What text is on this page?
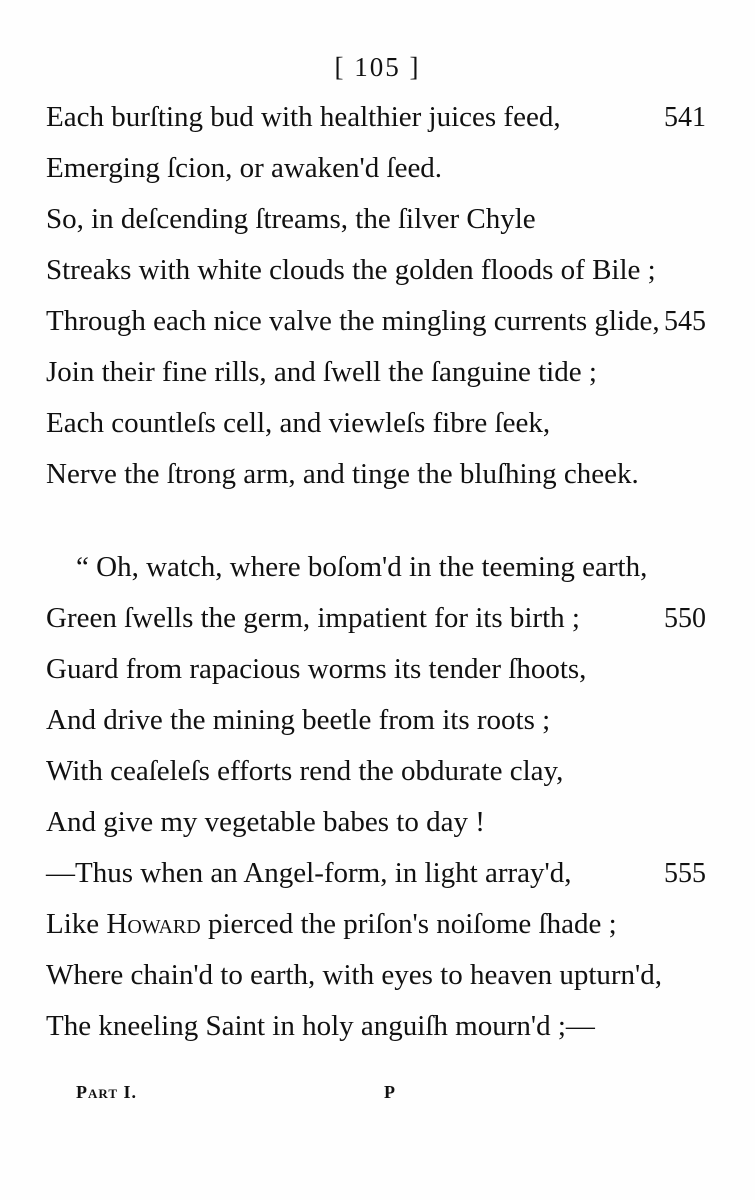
[ 105 ]
Each burſting bud with healthier juices feed,	541
Emerging ſcion, or awaken'd ſeed.
So, in deſcending ſtreams, the ſilver Chyle
Streaks with white clouds the golden floods of Bile ;
Through each nice valve the mingling currents glide, 545
Join their fine rills, and ſwell the ſanguine tide ;
Each countleſs cell, and viewleſs fibre ſeek,
Nerve the ſtrong arm, and tinge the bluſhing cheek.
“ Oh, watch, where boſom'd in the teeming earth,
Green ſwells the germ, impatient for its birth ;	550
Guard from rapacious worms its tender ſhoots,
And drive the mining beetle from its roots ;
With ceaſeleſs efforts rend the obdurate clay,
And give my vegetable babes to day !
—Thus when an Angel-form, in light array'd,	555
Like Howard pierced the priſon's noiſome ſhade ;
Where chain'd to earth, with eyes to heaven upturn'd,
The kneeling Saint in holy anguiſh mourn'd ;—
Part I.	P
